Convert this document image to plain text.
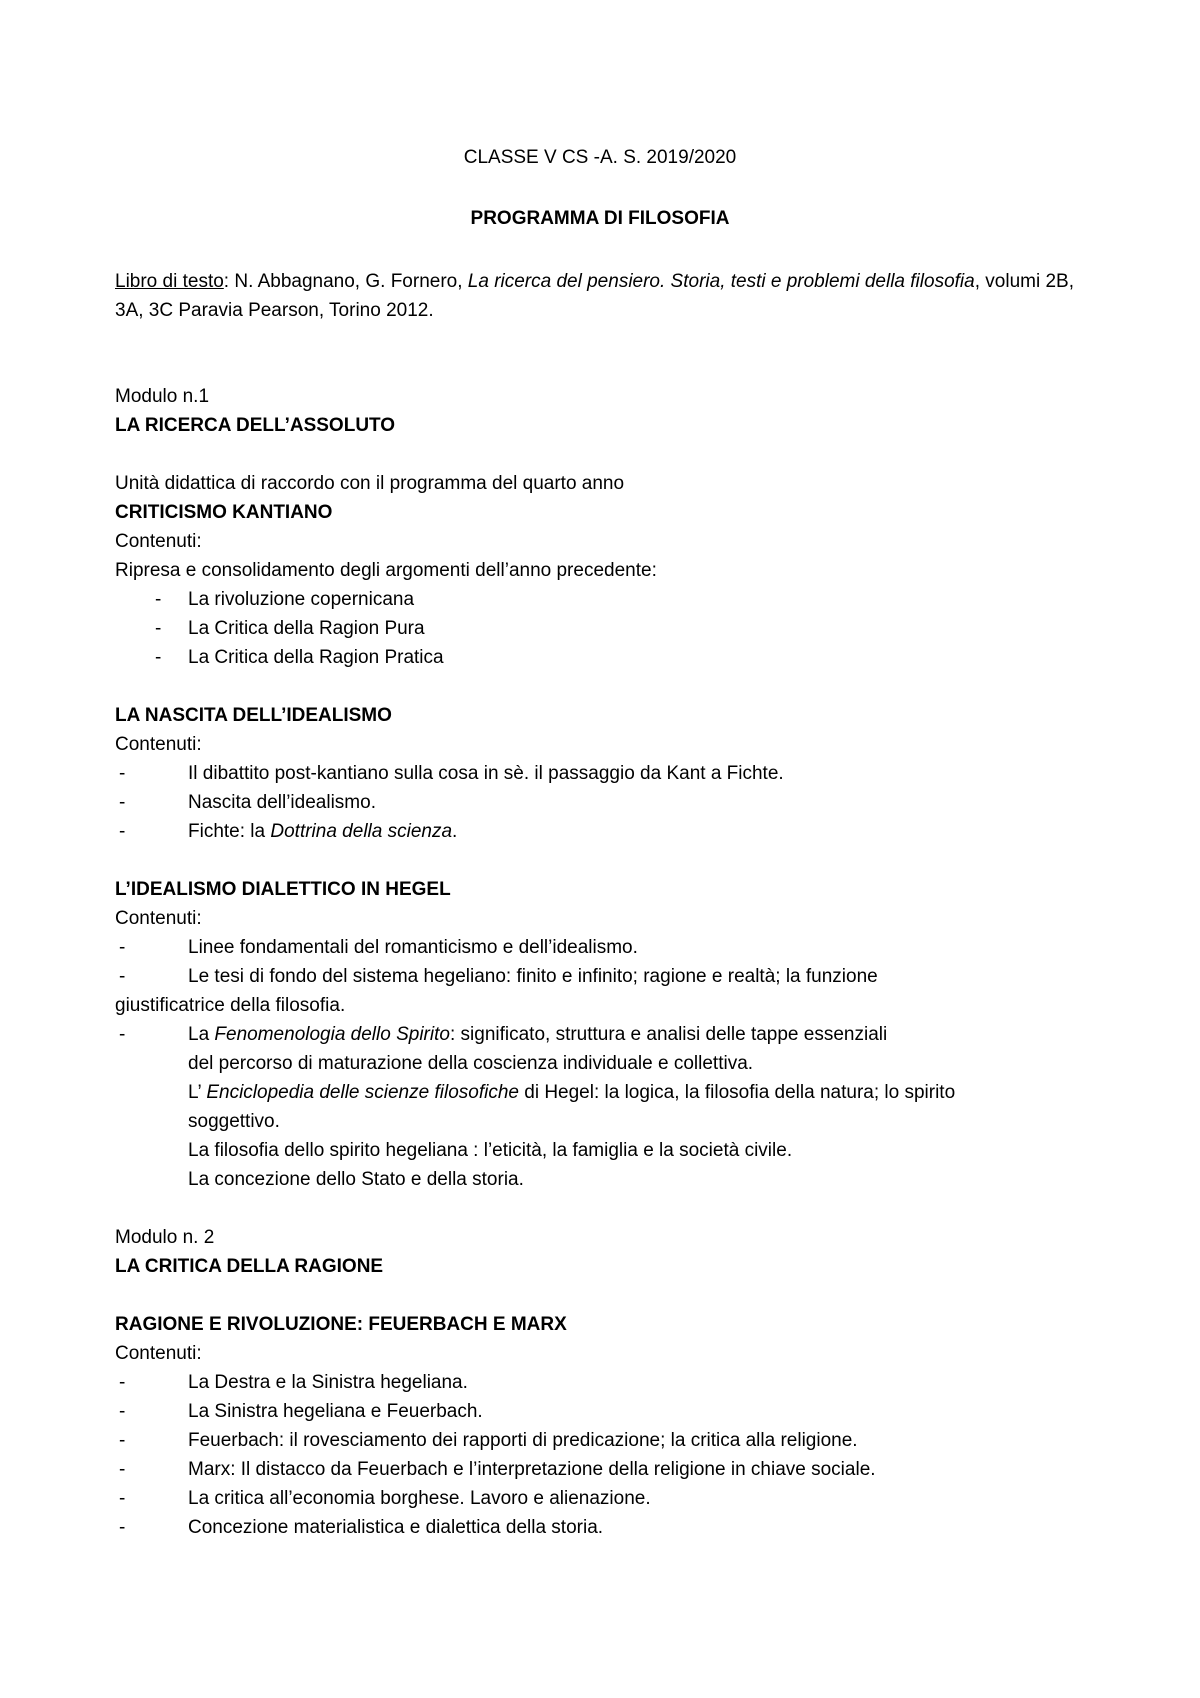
CLASSE V CS -A. S. 2019/2020
PROGRAMMA DI FILOSOFIA
Libro di testo: N. Abbagnano, G. Fornero, La ricerca del pensiero. Storia, testi e problemi della filosofia, volumi 2B, 3A, 3C Paravia Pearson, Torino 2012.
Modulo n.1
LA RICERCA DELL’ASSOLUTO
Unità didattica di raccordo con il programma del quarto anno
CRITICISMO KANTIANO
Contenuti:
Ripresa e consolidamento degli argomenti dell’anno precedente:
-	La rivoluzione copernicana
-	La Critica della Ragion Pura
-	La Critica della Ragion Pratica
LA NASCITA DELL’IDEALISMO
Contenuti:
-	Il dibattito post-kantiano sulla cosa in sè. il passaggio da Kant a Fichte.
-	Nascita dell’idealismo.
-	Fichte: la Dottrina della scienza.
L’IDEALISMO DIALETTICO IN HEGEL
Contenuti:
-	Linee fondamentali del romanticismo e dell’idealismo.
-	Le tesi di fondo del sistema hegeliano: finito e infinito; ragione e realtà; la funzione
giustificatrice della filosofia.
-	La Fenomenologia dello Spirito: significato, struttura e analisi delle tappe essenziali
del percorso di maturazione della coscienza individuale e collettiva.
L’ Enciclopedia delle scienze filosofiche di Hegel: la logica, la filosofia della natura; lo spirito
soggettivo.
La filosofia dello spirito hegeliana : l’eticità, la famiglia e la società civile.
La concezione dello Stato e della storia.
Modulo n. 2
LA CRITICA DELLA RAGIONE
RAGIONE E RIVOLUZIONE: FEUERBACH E MARX
Contenuti:
-	La Destra e la Sinistra hegeliana.
-	La Sinistra hegeliana e Feuerbach.
-	Feuerbach: il rovesciamento dei rapporti di predicazione; la critica alla religione.
-	Marx: Il distacco da Feuerbach e l’interpretazione della religione in chiave sociale.
-	La critica all’economia borghese. Lavoro e alienazione.
-	Concezione materialistica e dialettica della storia.
